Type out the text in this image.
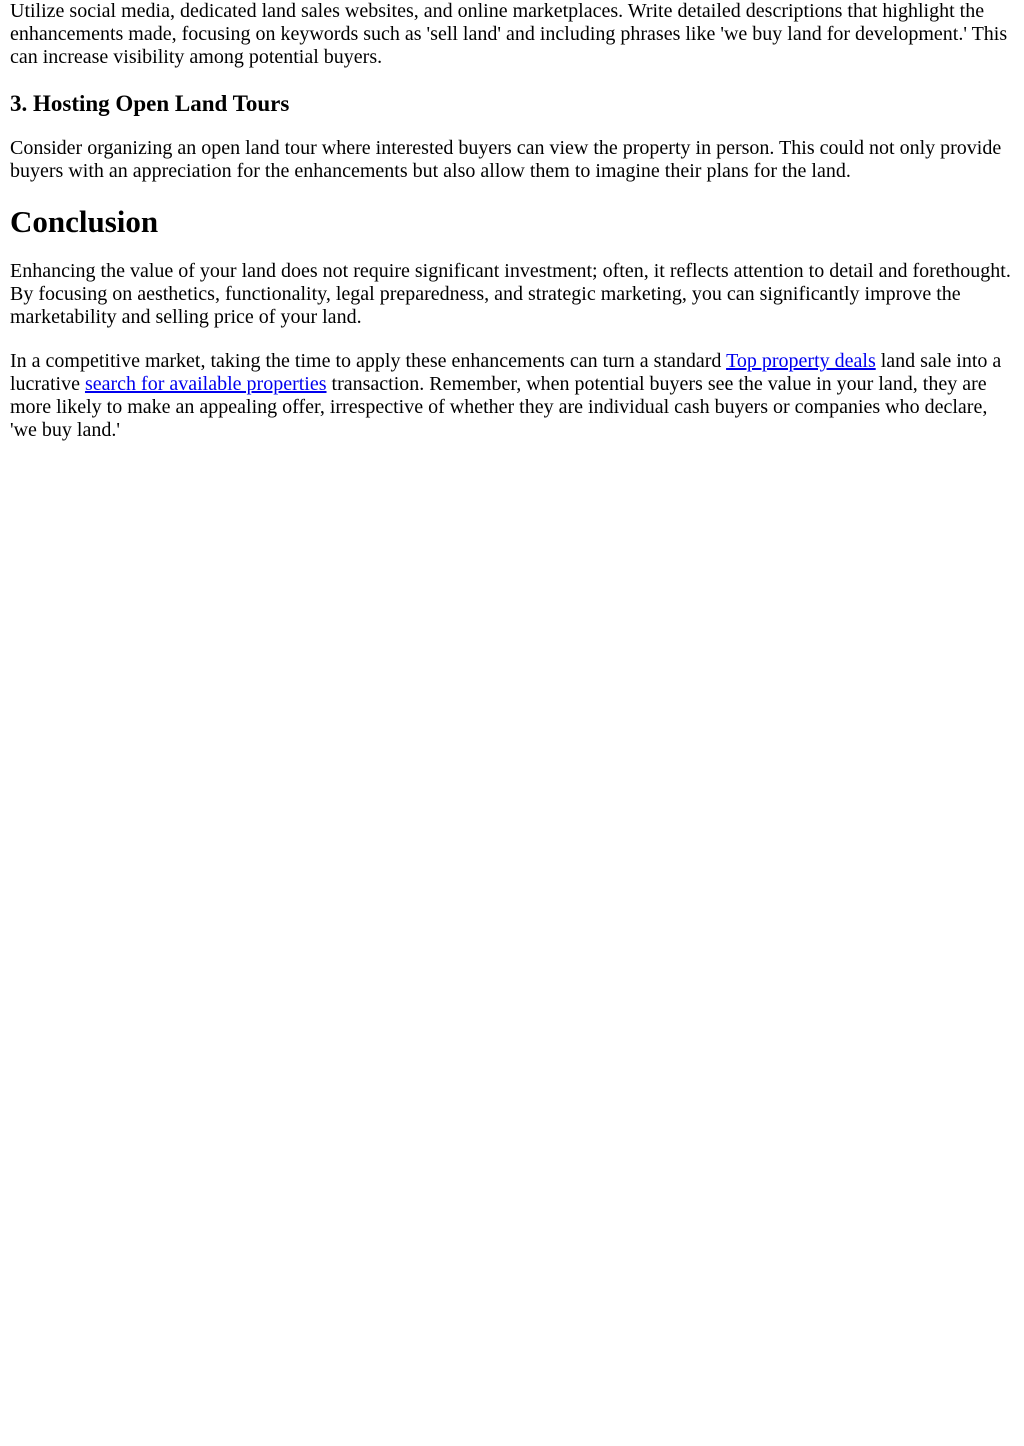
Utilize social media, dedicated land sales websites, and online marketplaces. Write detailed descriptions that highlight the enhancements made, focusing on keywords such as 'sell land' and including phrases like 'we buy land for development.' This can increase visibility among potential buyers.

3. Hosting Open Land Tours

Consider organizing an open land tour where interested buyers can view the property in person. This could not only provide buyers with an appreciation for the enhancements but also allow them to imagine their plans for the land.

Conclusion

Enhancing the value of your land does not require significant investment; often, it reflects attention to detail and forethought. By focusing on aesthetics, functionality, legal preparedness, and strategic marketing, you can significantly improve the marketability and selling price of your land.

In a competitive market, taking the time to apply these enhancements can turn a standard Top property deals land sale into a lucrative search for available properties transaction. Remember, when potential buyers see the value in your land, they are more likely to make an appealing offer, irrespective of whether they are individual cash buyers or companies who declare, 'we buy land.'
